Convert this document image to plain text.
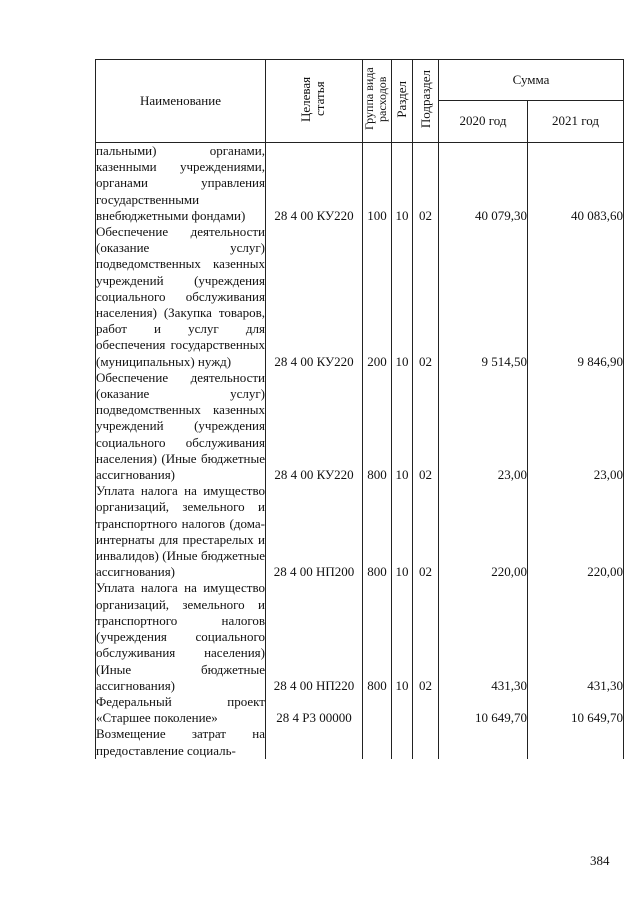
Наименование	Целевая статья	Группа вида расходов	Раздел	Подраздел	Сумма	
					2020 год	2021 год
пальными) органами, казенными учреждениями, органами управления государственными внебюджетными фондами)	28 4 00 КУ220	100	10	02	40 079,30	40 083,60
Обеспечение деятельности (оказание услуг) подведомственных казенных учреждений (учреждения социального обслуживания населения) (Закупка товаров, работ и услуг для обеспечения государственных (муниципальных) нужд)	28 4 00 КУ220	200	10	02	9 514,50	9 846,90
Обеспечение деятельности (оказание услуг) подведомственных казенных учреждений (учреждения социального обслуживания населения) (Иные бюджетные ассигнования)	28 4 00 КУ220	800	10	02	23,00	23,00
Уплата налога на имущество организаций, земельного и транспортного налогов (дома-интернаты для престарелых и инвалидов) (Иные бюджетные ассигнования)	28 4 00 НП200	800	10	02	220,00	220,00
Уплата налога на имущество организаций, земельного и транспортного налогов (учреждения социального обслуживания населения) (Иные бюджетные ассигнования)	28 4 00 НП220	800	10	02	431,30	431,30
Федеральный проект «Старшее поколение»	28 4 P3 00000				10 649,70	10 649,70
Возмещение затрат на предоставление социаль-						
384
